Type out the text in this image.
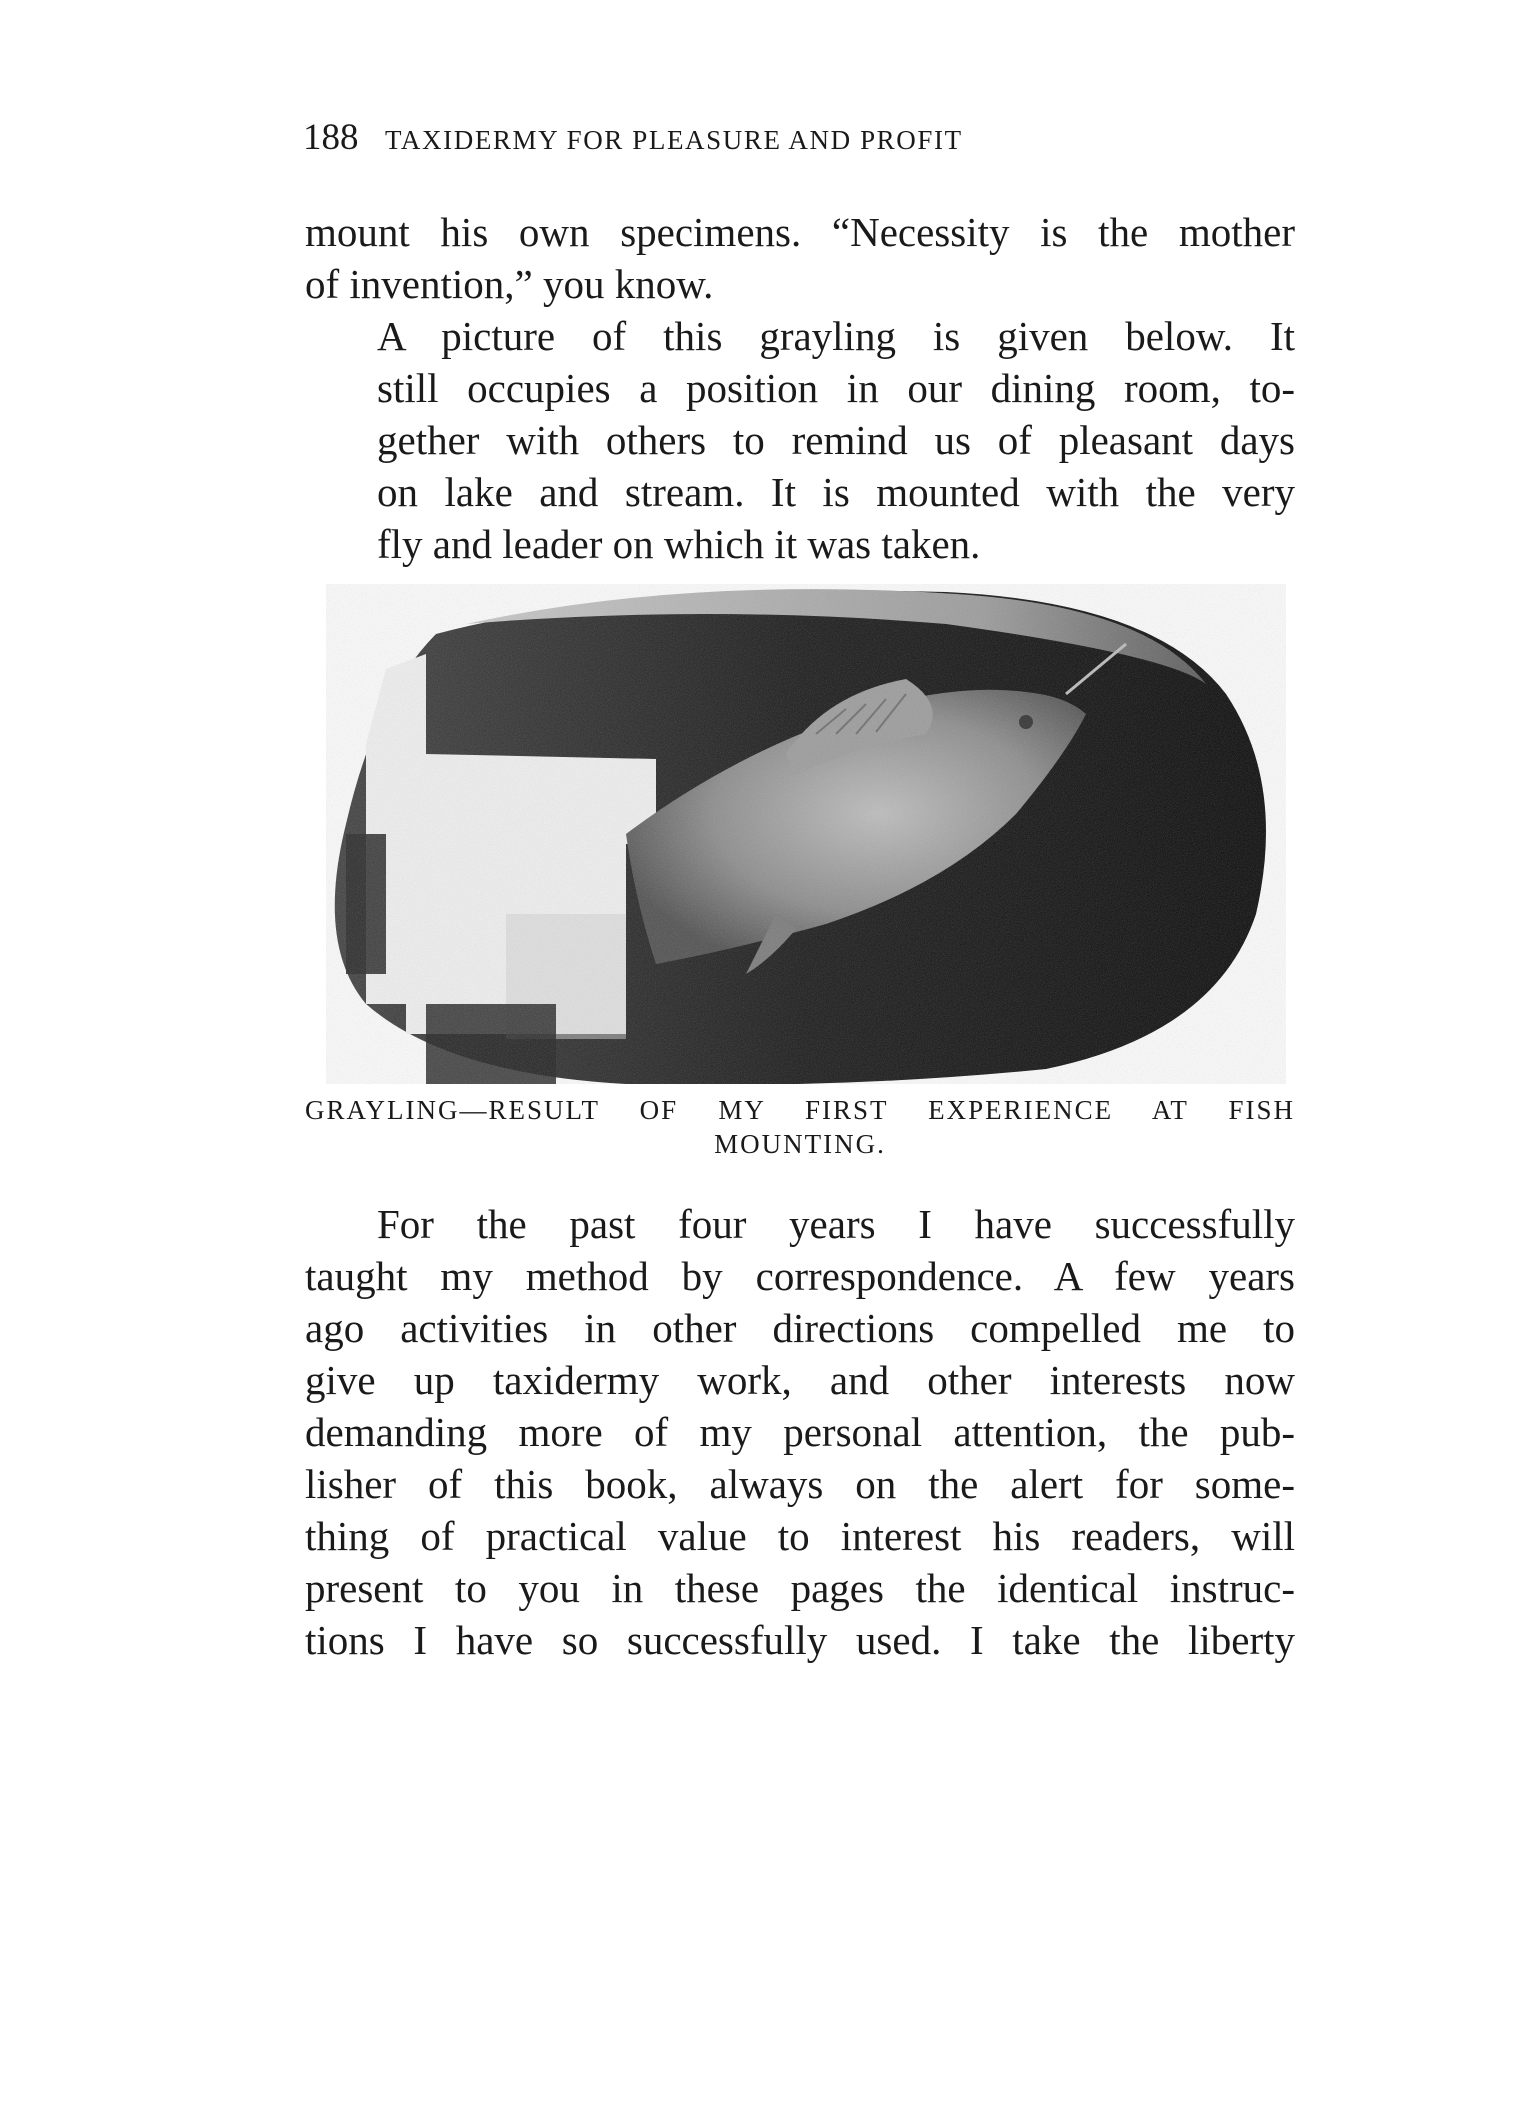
188 TAXIDERMY FOR PLEASURE AND PROFIT

mount his own specimens. “Necessity is the mother
of invention,” you know.

A picture of this grayling is given below. It
still occupies a position in our dining room, to-
gether with others to remind us of pleasant days
on lake and stream. It is mounted with the very
fly and leader on which it was taken.

GRAYLING—RESULT OF MY FIRST EXPERIENCE AT FISH
MOUNTING.

For the past four years I have successfully
taught my method by correspondence. A few years
ago activities in other directions compelled me to
give up taxidermy work, and other interests now
demanding more of my personal attention, the pub-
lisher of this book, always on the alert for some-
thing of practical value to interest his readers, will
present to you in these pages the identical instruc-
tions I have so successfully used. I take the liberty
